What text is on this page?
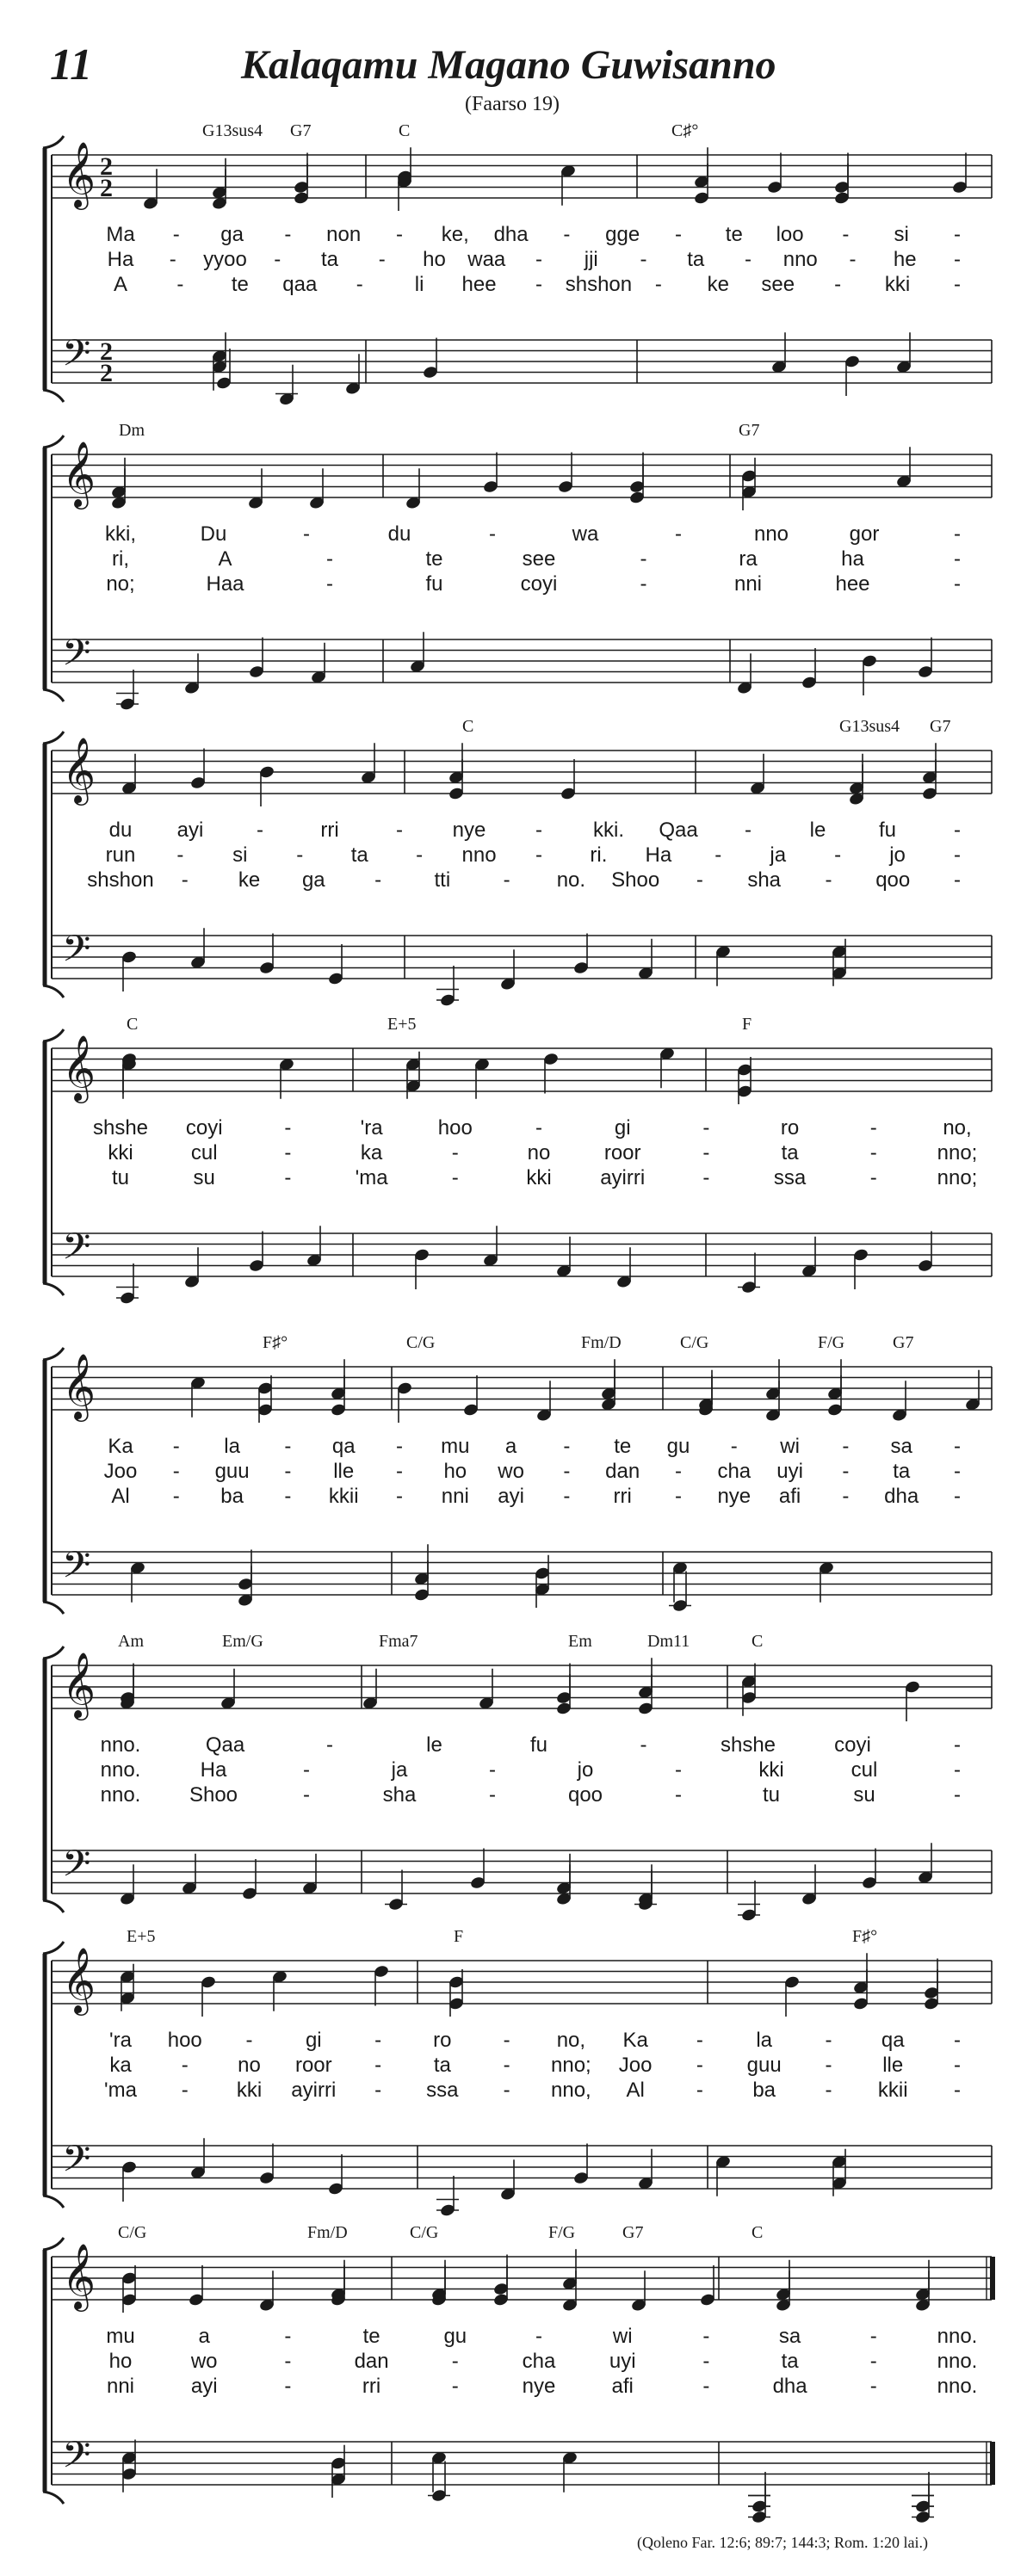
11	Kalaqamu Magano Guwisanno
(Faarso 19)
G13sus4 G7	C	C♯°
𝄞
𝄢
2
2
2
2
Ma - ga - non - ke, dha - gge - te loo - si -
Ha - yyoo - ta - ho waa - jji - ta - nno - he -
A - te qaa -	li hee - shshon - ke see - kki -
Dm	G7
𝄞
𝄢
kki,	Du	-	du	-	wa	-	nno	gor	-
ri,	A	-	te	see	-	ra	ha	-
no;	Haa	-	fu	coyi	-	nni	hee	-
C	G13sus4 G7
𝄞
𝄢
du ayi	-	rri	- nye - kki. Qaa -	le	fu	-
run - si - ta - nno - ri. Ha - ja - jo -
shshon - ke ga -	tti	- no. Shoo - sha - qoo -
C	E+5	F
𝄞
𝄢
shshe coyi	-	'ra	hoo	-	gi	-	ro	-	no,
kki	cul	-	ka	-	no	roor	-	ta	-	nno;
tu	su	-	'ma	-	kki ayirri	-	ssa	-	nno;
F♯°	C/G	Fm/D	C/G	F/G	G7
𝄞
𝄢
Ka - la - qa - mu a - te gu - wi - sa -
Joo - guu - lle - ho wo - dan - cha uyi - ta -
Al - ba - kkii - nni ayi - rri - nye afi - dha -
Am	Em/G	Fma7	Em	Dm11	C
𝄞
𝄢
nno.	Qaa	-	le	fu	-	shshe	coyi	-
nno.	Ha	-	ja	-	jo	-	kki	cul	-
nno. Shoo	-	sha	-	qoo	-	tu	su	-
E+5	F	F♯°
𝄞
𝄢
'ra hoo -	gi	-	ro	- no, Ka -	la	- qa -
ka - no roor -	ta	- nno; Joo - guu - lle -
'ma - kki ayirri - ssa - nno, Al	- ba - kkii -
C/G	Fm/D	C/G	F/G	G7	C
𝄞
𝄢
mu	a	-	te	gu	-	wi	-	sa	-	nno.
ho	wo	-	dan	-	cha	uyi	-	ta	-	nno.
nni	ayi	-	rri	-	nye	afi	-	dha	-	nno.
(Qoleno Far. 12:6; 89:7; 144:3; Rom. 1:20 lai.)
